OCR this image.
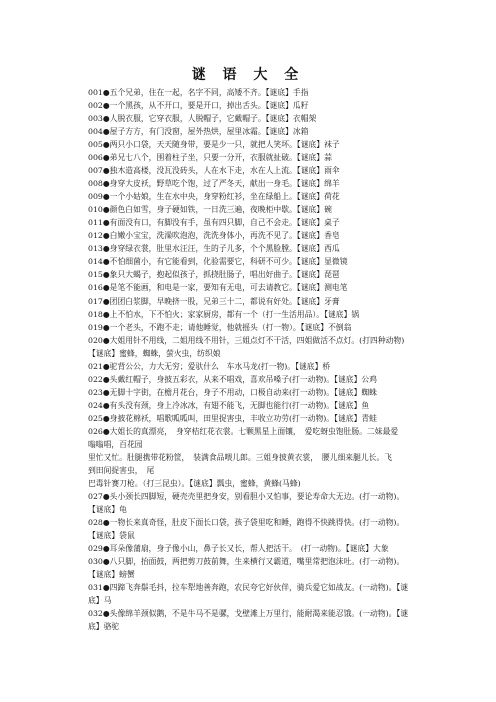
谜 语 大 全
001●五个兄弟，住在一起，名字不同，高矮不齐。【谜底】手指
002●一个黑孩，从不开口，要是开口，掉出舌头。【谜底】瓜籽
003●人脱衣服，它穿衣服，人脱帽子，它戴帽子。【谜底】衣帽架
004●屋子方方，有门没窗，屋外热烘，屋里冰霜。【谜底】冰箱
005●两只小口袋，天天随身带，要是少一只，就把人笑坏。【谜底】袜子
006●弟兄七八个，围着柱子坐，只要一分开，衣服就扯破。【谜底】蒜
007●独木造高楼，没瓦没砖头，人在水下走，水在人上流。【谜底】雨伞
008●身穿大皮袄，野草吃个饱，过了严冬天，献出一身毛。【谜底】绵羊
009●一个小姑娘，生在水中央，身穿粉红衫，坐在绿船上。【谜底】荷花
010●颜色白如雪，身子硬如铁，一日洗三遍，夜晚柜中歇。【谜底】碗
011●有面没有口，有脚没有手，虽有四只脚，自己不会走。【谜底】桌子
012●白嫩小宝宝，洗澡吹泡泡，洗洗身体小，再洗不见了。【谜底】香皂
013●身穿绿衣裳，肚里水汪汪，生的子儿多，个个黑脸膛。【谜底】西瓜
014●不怕细菌小，有它能看到，化验需要它，科研不可少。【谜底】显微镜
015●象只大蝎子，抱起似孩子，抓挠肚肠子，唱出好曲子。【谜底】琵琶
016●是笔不能画，和电是一家，要知有无电，可去请教它。【谜底】测电笔
017●团团白浆脚，早晚挤一股，兄弟三十二，都说有好处。【谜底】牙膏
018●上不怕水，下不怕火；家家厨房，都有一个（打一生活用品）。【谜底】锅
019●一个老头，不跑不走；请他睡觉，他就摇头（打一物）。【谜底】不倒翁
020●大姐用针不用线，二姐用线不用针，三姐点灯不干活，四姐做活不点灯。(打四种动物)
【谜底】蜜蜂，蜘蛛，萤火虫，纺织娘
021●驼背公公，力大无穷；爱驮什么　车水马龙(打一物)。【谜底】桥
022●头戴红帽子，身披五彩衣，从来不唱戏，喜欢吊嗓子(打一动物)。【谜底】公鸡
023●无脚十字街，在檐月花台，身子不用动，口极自动来(打一动物)。【谜底】蜘蛛
024●有头没有颈，身上冷冰冰，有翅不能飞，无脚也能行(打一动物)。【谜底】鱼
025●身披花棉袄，唱歌呱呱叫，田里捉害虫，丰收立功劳(打一动物)。【谜底】青蛙
026●大姐长的真漂亮，　身穿桔红花衣裳。七颗黑星上面镶，　爱吃蚜虫饱肚肠。二妹最爱
嗡嗡唱，百花园
里忙又忙。肚腿携带花粉筐，　装满食品喂儿郎。三姐身披黄衣裳，　腰儿细来腿儿长。飞
到田间捉害虫，　尾
巴毒针赛刀枪。（打三昆虫）。【谜底】瓢虫，蜜蜂，黄蜂(马蜂)
027●头小颈长四脚短，硬壳壳里把身安，别看胆小又怕事，要论寿命大无边。(打一动物)。
【谜底】龟
028●一物长来真奇怪，肚皮下面长口袋，孩子袋里吃和睡，跑得不快跳得快。(打一动物)。
【谜底】袋鼠
029●耳朵像蒲扇，身子像小山，鼻子长又长，帮人把活干。　(打一动物)。【谜底】大象
030●八只脚，抬面鼓，两把剪刀鼓前舞，生来横行又霸道，嘴里常把泡沫吐。(打一动物)。
【谜底】螃蟹
031●四蹄飞奔鬃毛抖，拉车犁地善奔跑，农民夸它好伙伴，骑兵爱它如战友。(一动物)。【谜
底】马
032●头像绵羊颈似鹅，不是牛马不是骡，戈壁滩上万里行，能耐渴来能忍饿。(一动物)。【谜
底】骆驼
